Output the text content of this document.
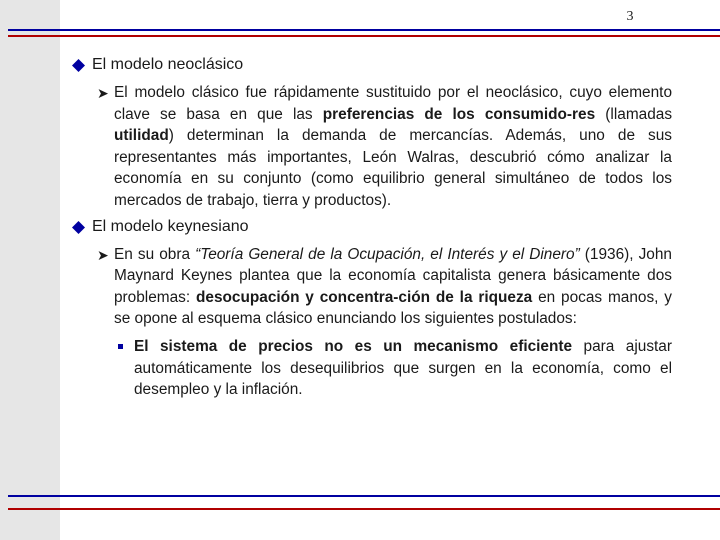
3
El modelo neoclásico
➤ El modelo clásico fue rápidamente sustituido por el neoclásico, cuyo elemento clave se basa en que las preferencias de los consumido-res (llamadas utilidad) determinan la demanda de mercancías. Además, uno de sus representantes más importantes, León Walras, descubrió cómo analizar la economía en su conjunto (como equilibrio general simultáneo de todos los mercados de trabajo, tierra y productos).
El modelo keynesiano
➤ En su obra “Teoría General de la Ocupación, el Interés y el Dinero” (1936), John Maynard Keynes plantea que la economía capitalista genera básicamente dos problemas: desocupación y concentra-ción de la riqueza en pocas manos, y se opone al esquema clásico enunciando los siguientes postulados:
El sistema de precios no es un mecanismo eficiente para ajustar automáticamente los desequilibrios que surgen en la economía, como el desempleo y la inflación.
